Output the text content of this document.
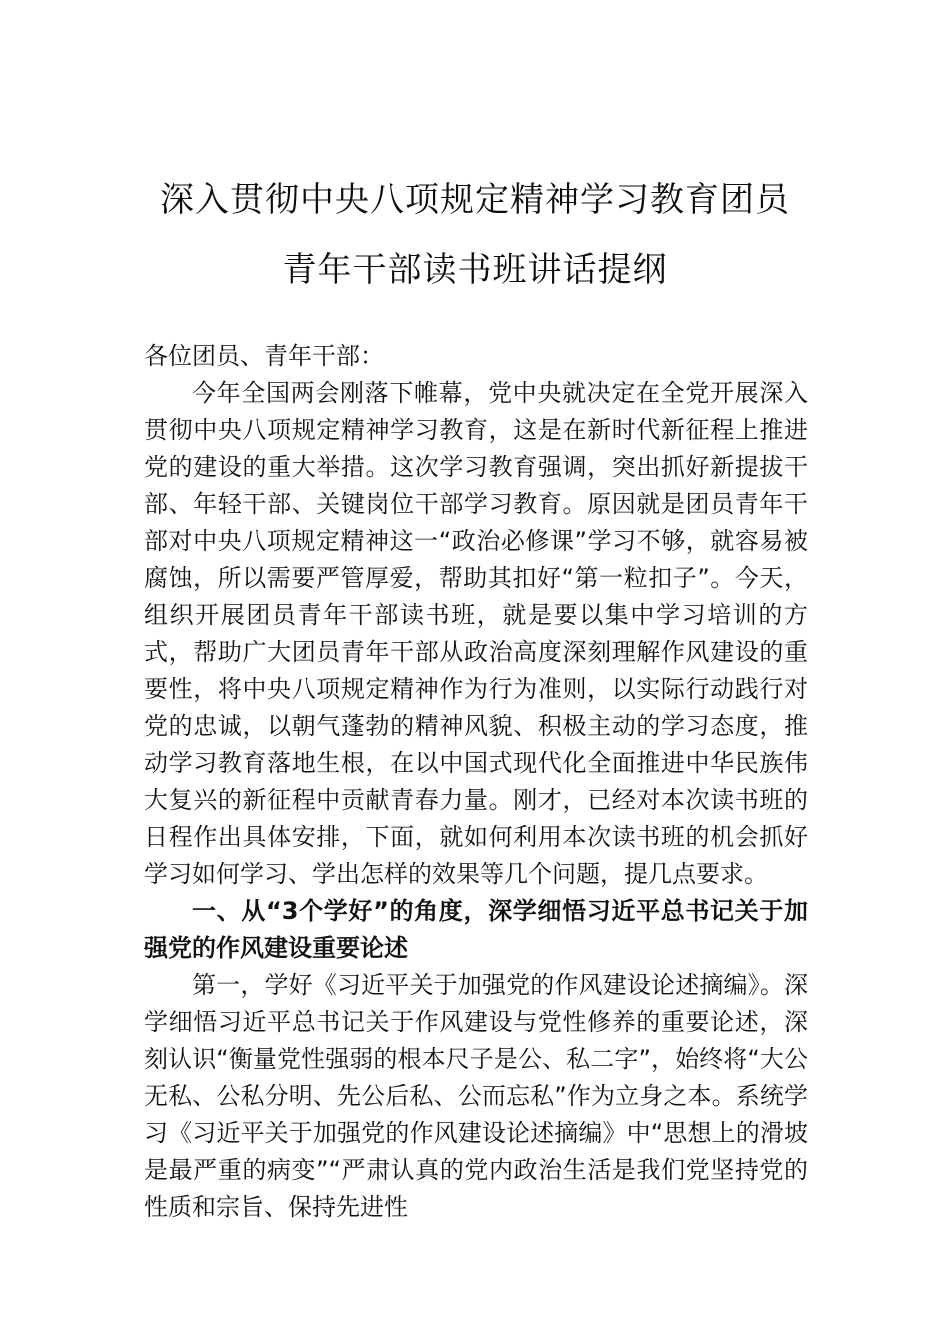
深入贯彻中央八项规定精神学习教育团员
青年干部读书班讲话提纲

各位团员、青年干部：

今年全国两会刚落下帷幕，党中央就决定在全党开展深入贯彻中央八项规定精神学习教育，这是在新时代新征程上推进党的建设的重大举措。这次学习教育强调，突出抓好新提拔干部、年轻干部、关键岗位干部学习教育。原因就是团员青年干部对中央八项规定精神这一“政治必修课”学习不够，就容易被腐蚀，所以需要严管厚爱，帮助其扣好“第一粒扣子”。今天，组织开展团员青年干部读书班，就是要以集中学习培训的方式，帮助广大团员青年干部从政治高度深刻理解作风建设的重要性，将中央八项规定精神作为行为准则，以实际行动践行对党的忠诚，以朝气蓬勃的精神风貌、积极主动的学习态度，推动学习教育落地生根，在以中国式现代化全面推进中华民族伟大复兴的新征程中贡献青春力量。刚才，已经对本次读书班的日程作出具体安排，下面，就如何利用本次读书班的机会抓好学习如何学习、学出怎样的效果等几个问题，提几点要求。

一、从“3个学好”的角度，深学细悟习近平总书记关于加强党的作风建设重要论述

第一，学好《习近平关于加强党的作风建设论述摘编》。深学细悟习近平总书记关于作风建设与党性修养的重要论述，深刻认识“衡量党性强弱的根本尺子是公、私二字”，始终将“大公无私、公私分明、先公后私、公而忘私”作为立身之本。系统学习《习近平关于加强党的作风建设论述摘编》中“思想上的滑坡是最严重的病变”“严肃认真的党内政治生活是我们党坚持党的性质和宗旨、保持先进性
